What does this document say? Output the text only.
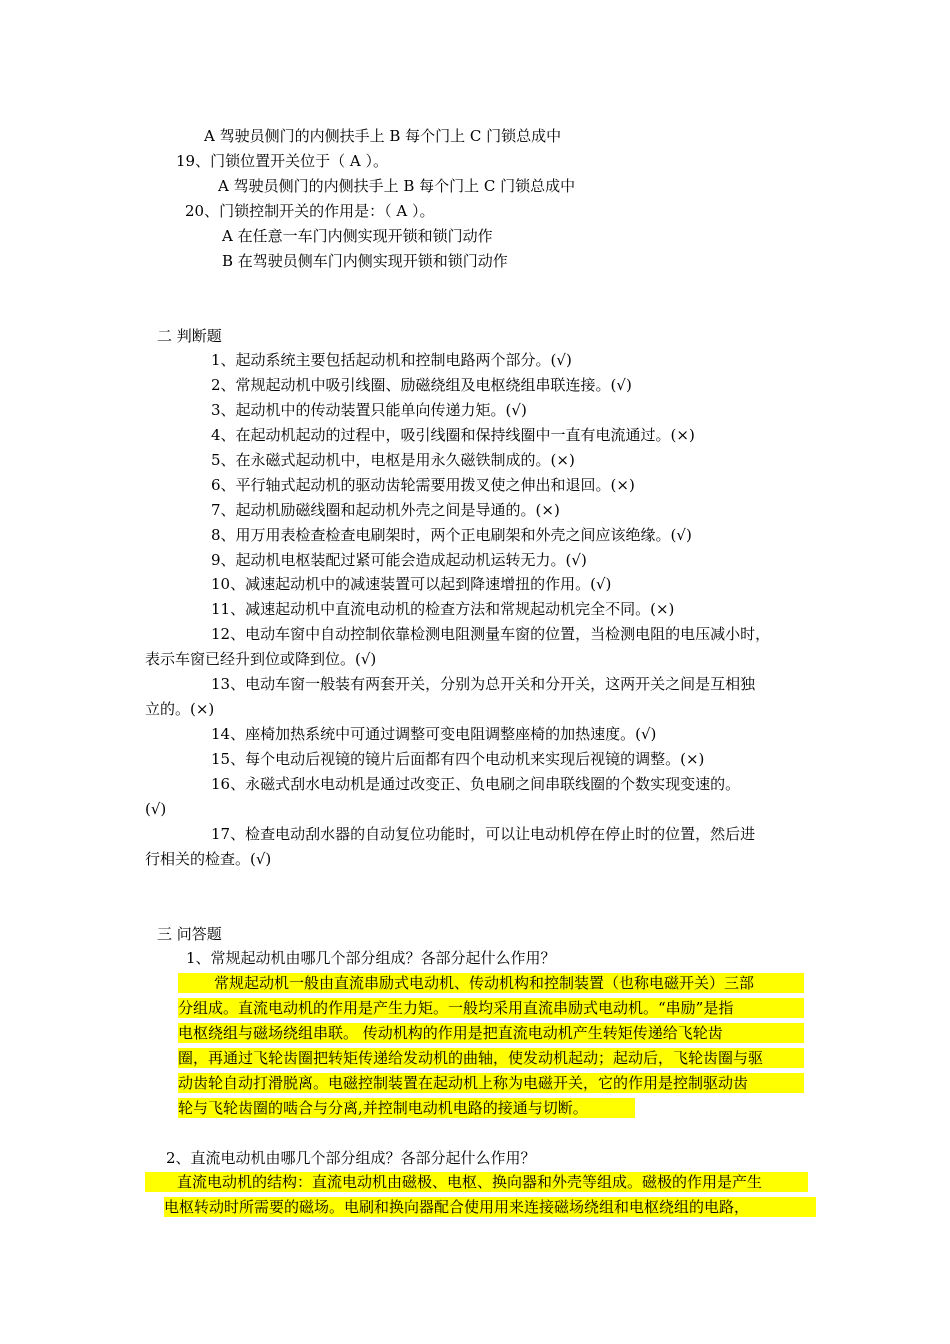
A 驾驶员侧门的内侧扶手上 B 每个门上 C 门锁总成中
19、门锁位置开关位于（ A ）。
A 驾驶员侧门的内侧扶手上 B 每个门上 C 门锁总成中
20、门锁控制开关的作用是：（ A ）。
A 在任意一车门内侧实现开锁和锁门动作
B 在驾驶员侧车门内侧实现开锁和锁门动作
二 判断题
1、起动系统主要包括起动机和控制电路两个部分。(√)
2、常规起动机中吸引线圈、励磁绕组及电枢绕组串联连接。(√)
3、起动机中的传动装置只能单向传递力矩。(√)
4、在起动机起动的过程中，吸引线圈和保持线圈中一直有电流通过。(×)
5、在永磁式起动机中，电枢是用永久磁铁制成的。(×)
6、平行轴式起动机的驱动齿轮需要用拨叉使之伸出和退回。(×)
7、起动机励磁线圈和起动机外壳之间是导通的。(×)
8、用万用表检查检查电刷架时，两个正电刷架和外壳之间应该绝缘。(√)
9、起动机电枢装配过紧可能会造成起动机运转无力。(√)
10、减速起动机中的减速装置可以起到降速增扭的作用。(√)
11、减速起动机中直流电动机的检查方法和常规起动机完全不同。(×)
12、电动车窗中自动控制依靠检测电阻测量车窗的位置，当检测电阻的电压减小时，
表示车窗已经升到位或降到位。(√)
13、电动车窗一般装有两套开关，分别为总开关和分开关，这两开关之间是互相独
立的。(×)
14、座椅加热系统中可通过调整可变电阻调整座椅的加热速度。(√)
15、每个电动后视镜的镜片后面都有四个电动机来实现后视镜的调整。(×)
16、永磁式刮水电动机是通过改变正、负电刷之间串联线圈的个数实现变速的。
(√)
17、检查电动刮水器的自动复位功能时，可以让电动机停在停止时的位置，然后进
行相关的检查。(√)
三 问答题
1、常规起动机由哪几个部分组成？各部分起什么作用？
常规起动机一般由直流串励式电动机、传动机构和控制装置（也称电磁开关）三部
分组成。直流电动机的作用是产生力矩。一般均采用直流串励式电动机。“串励”是指
电枢绕组与磁场绕组串联。 传动机构的作用是把直流电动机产生转矩传递给飞轮齿
圈，再通过飞轮齿圈把转矩传递给发动机的曲轴，使发动机起动；起动后，飞轮齿圈与驱
动齿轮自动打滑脱离。电磁控制装置在起动机上称为电磁开关，它的作用是控制驱动齿
轮与飞轮齿圈的啮合与分离,并控制电动机电路的接通与切断。
2、直流电动机由哪几个部分组成？各部分起什么作用？
直流电动机的结构：直流电动机由磁极、电枢、换向器和外壳等组成。磁极的作用是产生
电枢转动时所需要的磁场。电刷和换向器配合使用用来连接磁场绕组和电枢绕组的电路，
